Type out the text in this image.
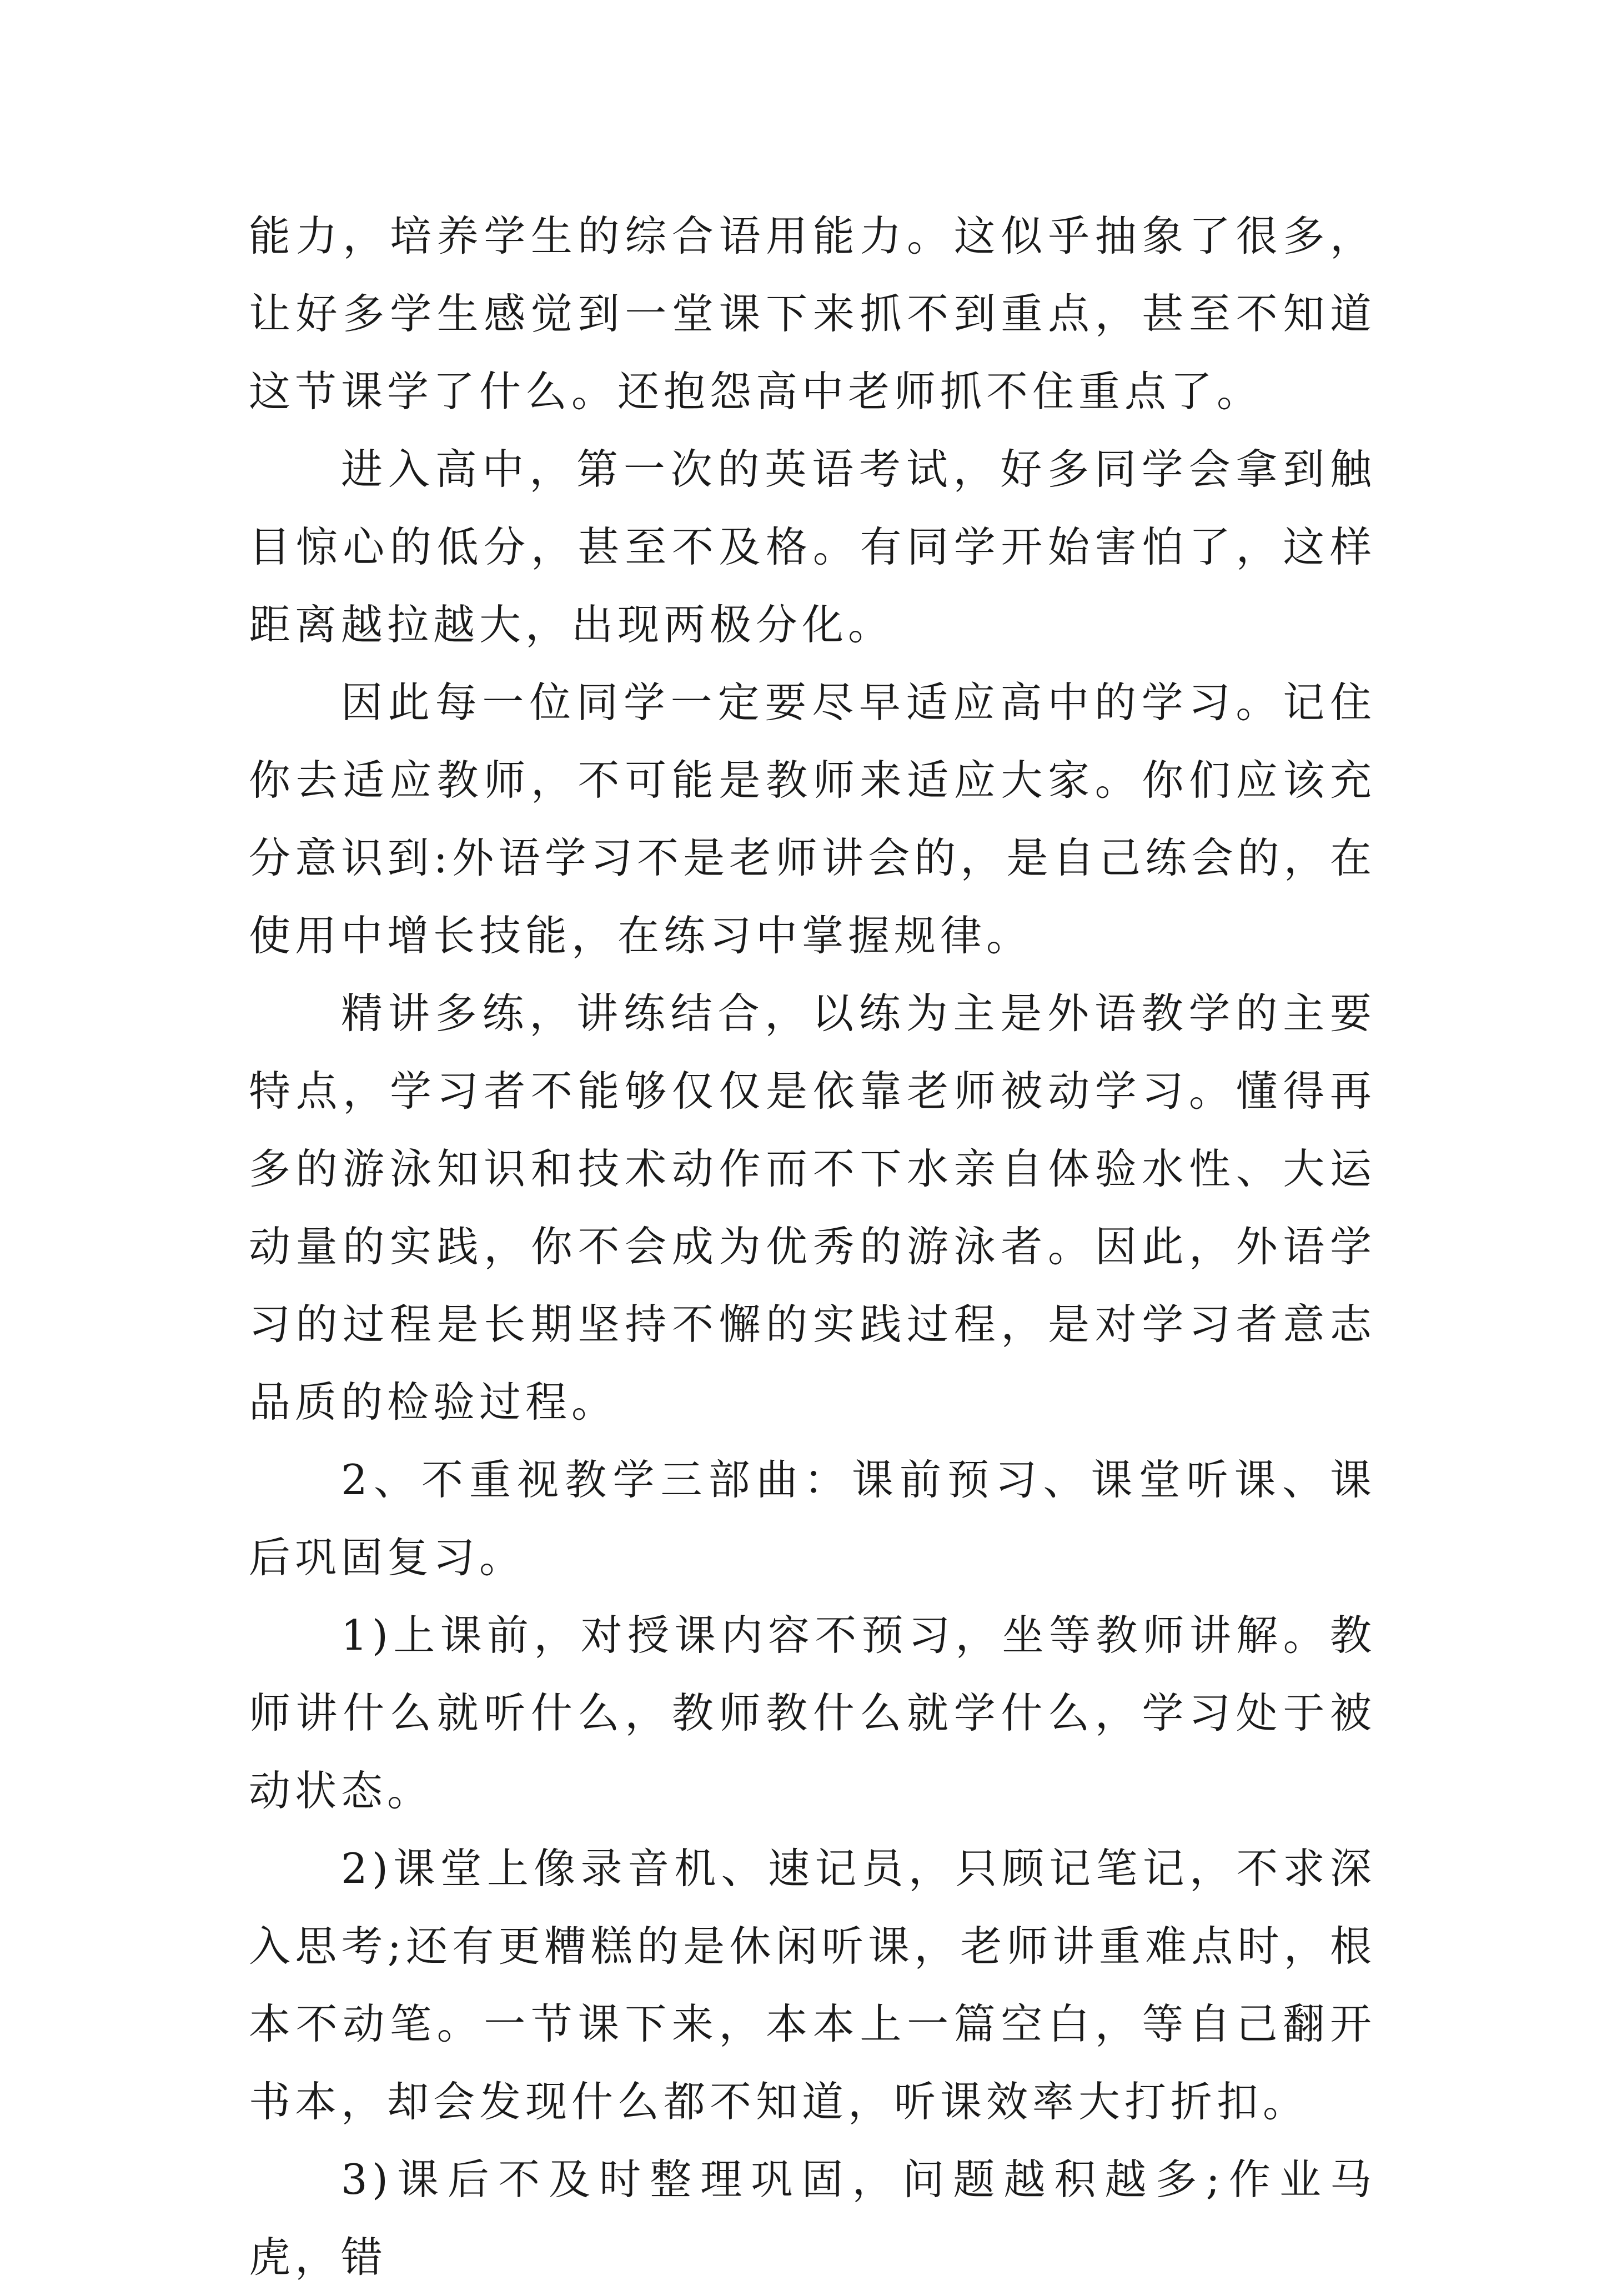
能力，培养学生的综合语用能力。这似乎抽象了很多，让好多学生感觉到一堂课下来抓不到重点，甚至不知道这节课学了什么。还抱怨高中老师抓不住重点了。

进入高中，第一次的英语考试，好多同学会拿到触目惊心的低分，甚至不及格。有同学开始害怕了，这样距离越拉越大，出现两极分化。

因此每一位同学一定要尽早适应高中的学习。记住你去适应教师，不可能是教师来适应大家。你们应该充分意识到:外语学习不是老师讲会的，是自己练会的，在使用中增长技能，在练习中掌握规律。

精讲多练，讲练结合，以练为主是外语教学的主要特点，学习者不能够仅仅是依靠老师被动学习。懂得再多的游泳知识和技术动作而不下水亲自体验水性、大运动量的实践，你不会成为优秀的游泳者。因此，外语学习的过程是长期坚持不懈的实践过程，是对学习者意志品质的检验过程。

2、不重视教学三部曲：课前预习、课堂听课、课后巩固复习。

1)上课前，对授课内容不预习，坐等教师讲解。教师讲什么就听什么，教师教什么就学什么，学习处于被动状态。

2)课堂上像录音机、速记员，只顾记笔记，不求深入思考;还有更糟糕的是休闲听课，老师讲重难点时，根本不动笔。一节课下来，本本上一篇空白，等自己翻开书本，却会发现什么都不知道，听课效率大打折扣。

3)课后不及时整理巩固，问题越积越多;作业马虎，错
